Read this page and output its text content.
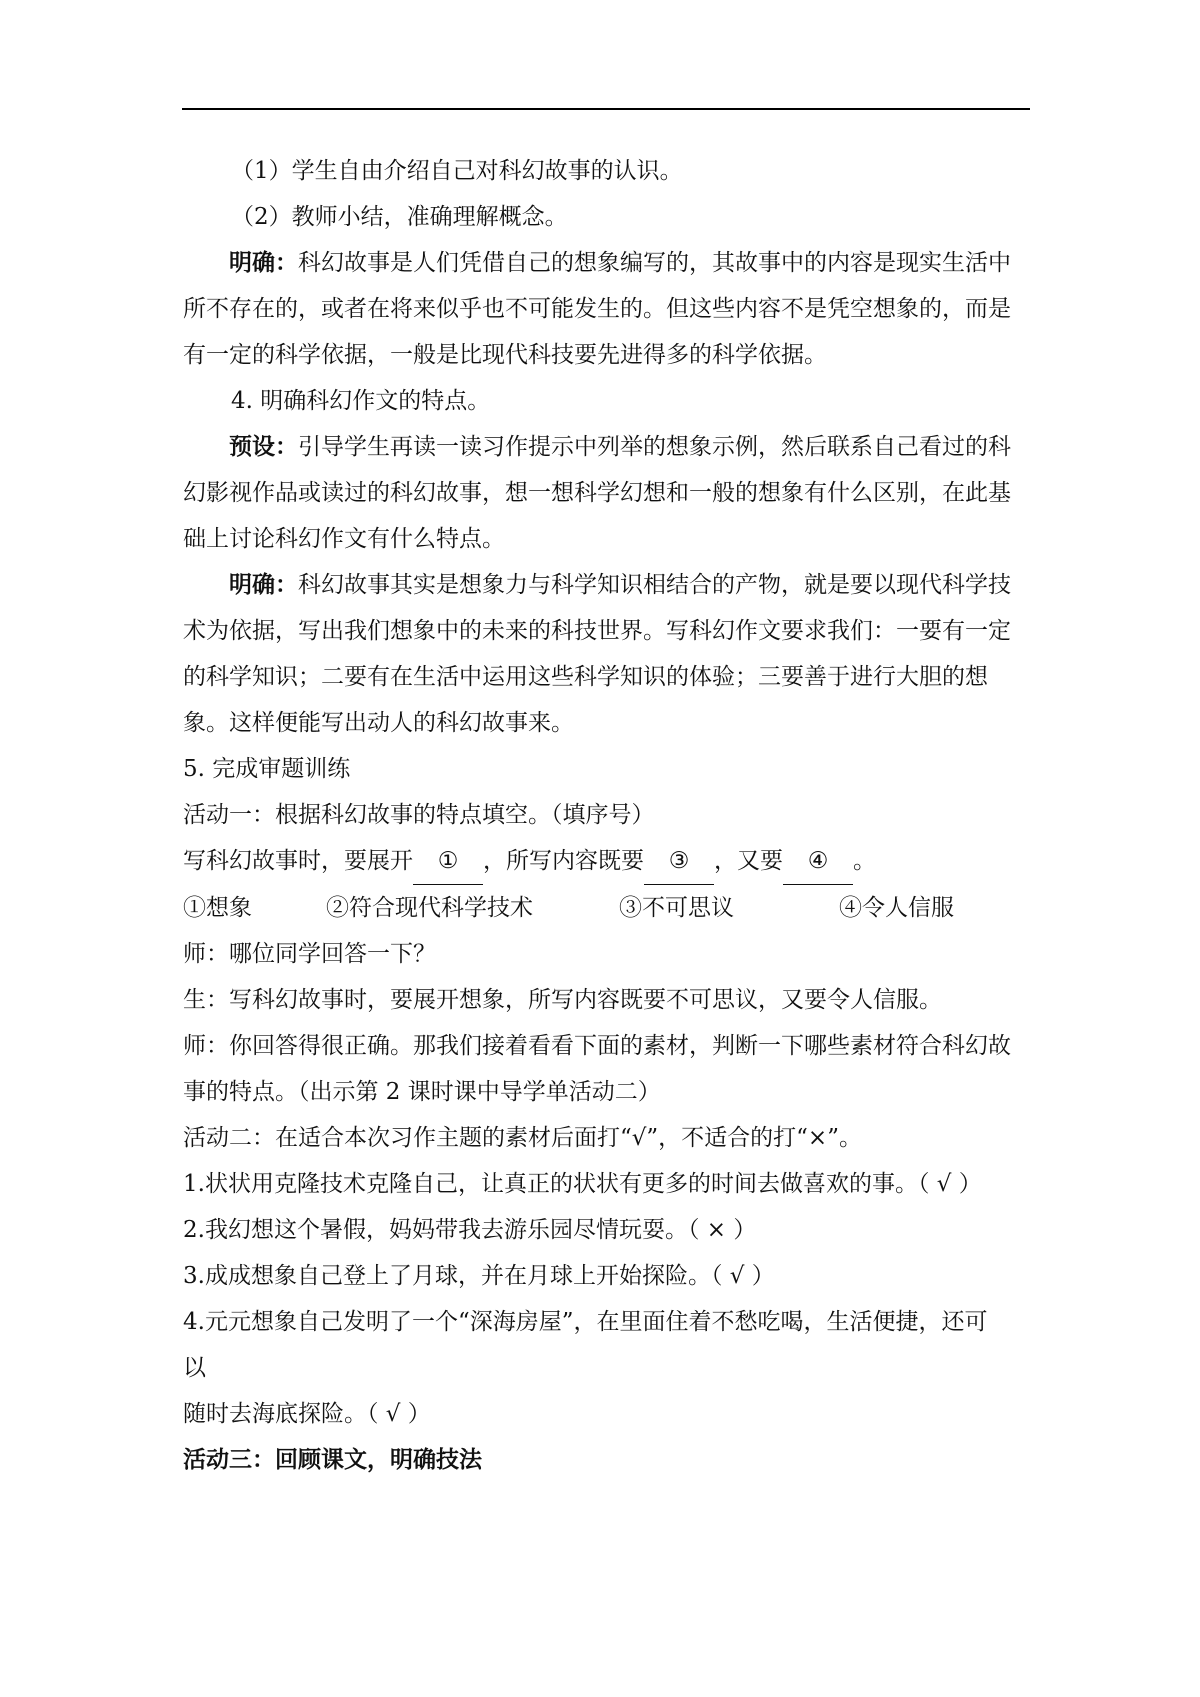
（1）学生自由介绍自己对科幻故事的认识。
（2）教师小结，准确理解概念。
明确：科幻故事是人们凭借自己的想象编写的，其故事中的内容是现实生活中所不存在的，或者在将来似乎也不可能发生的。但这些内容不是凭空想象的，而是有一定的科学依据，一般是比现代科技要先进得多的科学依据。
4. 明确科幻作文的特点。
预设：引导学生再读一读习作提示中列举的想象示例，然后联系自己看过的科幻影视作品或读过的科幻故事，想一想科学幻想和一般的想象有什么区别，在此基础上讨论科幻作文有什么特点。
明确：科幻故事其实是想象力与科学知识相结合的产物，就是要以现代科学技术为依据，写出我们想象中的未来的科技世界。写科幻作文要求我们：一要有一定的科学知识；二要有在生活中运用这些科学知识的体验；三要善于进行大胆的想象。这样便能写出动人的科幻故事来。
5. 完成审题训练
活动一：根据科幻故事的特点填空。（填序号）
写科幻故事时，要展开 ① ，所写内容既要 ③ ，又要 ④ 。
①想象	②符合现代科学技术	③不可思议	④令人信服
师：哪位同学回答一下？
生：写科幻故事时，要展开想象，所写内容既要不可思议，又要令人信服。
师：你回答得很正确。那我们接着看看下面的素材，判断一下哪些素材符合科幻故事的特点。（出示第 2 课时课中导学单活动二）
活动二：在适合本次习作主题的素材后面打“√”，不适合的打“×”。
1.状状用克隆技术克隆自己，让真正的状状有更多的时间去做喜欢的事。（ √ ）
2.我幻想这个暑假，妈妈带我去游乐园尽情玩耍。（ × ）
3.成成想象自己登上了月球，并在月球上开始探险。（ √ ）
4.元元想象自己发明了一个“深海房屋”，在里面住着不愁吃喝，生活便捷，还可
以
随时去海底探险。（ √ ）
活动三：回顾课文，明确技法
